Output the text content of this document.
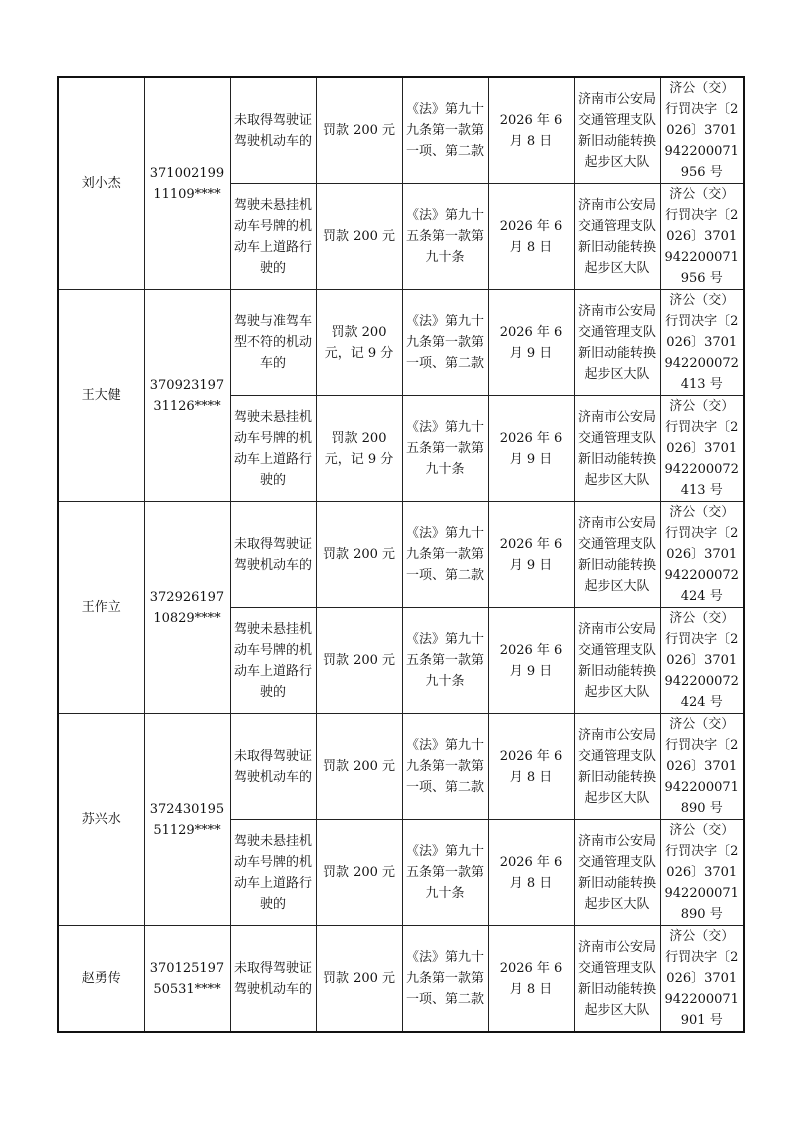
刘小杰	37100219911109****	未取得驾驶证驾驶机动车的	罚款 200 元	《法》第九十九条第一款第一项、第二款	2026 年 6 月 8 日	济南市公安局交通管理支队新旧动能转换起步区大队	济公（交）行罚决字〔2026〕3701942200071956 号
		驾驶未悬挂机动车号牌的机动车上道路行驶的	罚款 200 元	《法》第九十五条第一款第九十条	2026 年 6 月 8 日	济南市公安局交通管理支队新旧动能转换起步区大队	济公（交）行罚决字〔2026〕3701942200071956 号
王大健	37092319731126****	驾驶与准驾车型不符的机动车的	罚款 200 元，记 9 分	《法》第九十九条第一款第一项、第二款	2026 年 6 月 9 日	济南市公安局交通管理支队新旧动能转换起步区大队	济公（交）行罚决字〔2026〕3701942200072413 号
		驾驶未悬挂机动车号牌的机动车上道路行驶的	罚款 200 元，记 9 分	《法》第九十五条第一款第九十条	2026 年 6 月 9 日	济南市公安局交通管理支队新旧动能转换起步区大队	济公（交）行罚决字〔2026〕3701942200072413 号
王作立	37292619710829****	未取得驾驶证驾驶机动车的	罚款 200 元	《法》第九十九条第一款第一项、第二款	2026 年 6 月 9 日	济南市公安局交通管理支队新旧动能转换起步区大队	济公（交）行罚决字〔2026〕3701942200072424 号
		驾驶未悬挂机动车号牌的机动车上道路行驶的	罚款 200 元	《法》第九十五条第一款第九十条	2026 年 6 月 9 日	济南市公安局交通管理支队新旧动能转换起步区大队	济公（交）行罚决字〔2026〕3701942200072424 号
苏兴水	37243019551129****	未取得驾驶证驾驶机动车的	罚款 200 元	《法》第九十九条第一款第一项、第二款	2026 年 6 月 8 日	济南市公安局交通管理支队新旧动能转换起步区大队	济公（交）行罚决字〔2026〕3701942200071890 号
		驾驶未悬挂机动车号牌的机动车上道路行驶的	罚款 200 元	《法》第九十五条第一款第九十条	2026 年 6 月 8 日	济南市公安局交通管理支队新旧动能转换起步区大队	济公（交）行罚决字〔2026〕3701942200071890 号
赵勇传	37012519750531****	未取得驾驶证驾驶机动车的	罚款 200 元	《法》第九十九条第一款第一项、第二款	2026 年 6 月 8 日	济南市公安局交通管理支队新旧动能转换起步区大队	济公（交）行罚决字〔2026〕3701942200071901 号
